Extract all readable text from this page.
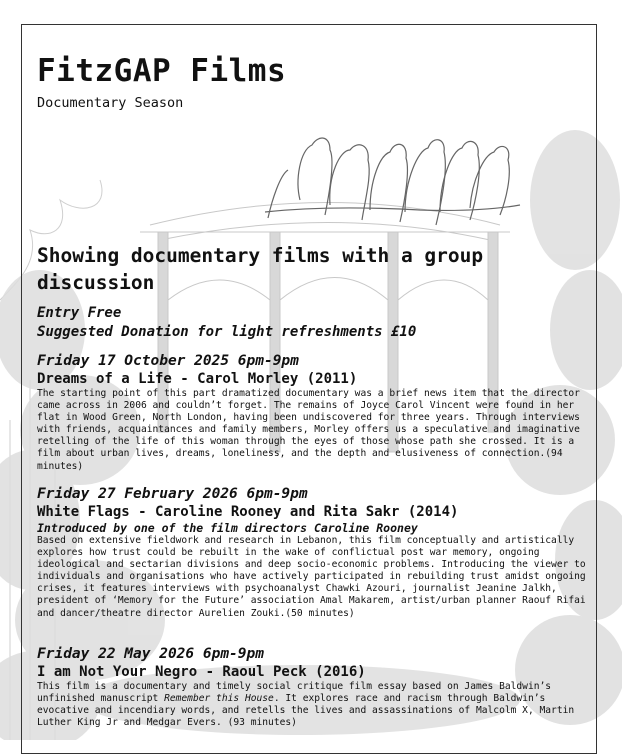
FitzGAP Films
Documentary Season
Showing documentary films with a group discussion
Entry Free
Suggested Donation for light refreshments £10
Friday 17 October 2025 6pm-9pm
Dreams of a Life - Carol Morley (2011)
The starting point of this part dramatized documentary was a brief news item that the director came across in 2006 and couldn’t forget. The remains of Joyce Carol Vincent were found in her flat in Wood Green, North London, having been undiscovered for three years. Through interviews with friends, acquaintances and family members, Morley offers us a speculative and imaginative retelling of the life of this woman through the eyes of those whose path she crossed. It is a film about urban lives, dreams, loneliness, and the depth and elusiveness of connection.(94 minutes)
Friday 27 February 2026 6pm-9pm
White Flags - Caroline Rooney and Rita Sakr (2014)
Introduced by one of the film directors Caroline Rooney
Based on extensive fieldwork and research in Lebanon, this film conceptually and artistically explores how trust could be rebuilt in the wake of conflictual post war memory, ongoing ideological and sectarian divisions and deep socio-economic problems. Introducing the viewer to individuals and organisations who have actively participated in rebuilding trust amidst ongoing crises, it features interviews with psychoanalyst Chawki Azouri, journalist Jeanine Jalkh, president of ‘Memory for the Future’ association Amal Makarem, artist/urban planner Raouf Rifai and dancer/theatre director Aurelien Zouki.(50 minutes)
Friday 22 May 2026 6pm-9pm
I am Not Your Negro - Raoul Peck (2016)
This film is a documentary and timely social critique film essay based on James Baldwin’s unfinished manuscript Remember this House. It explores race and racism through Baldwin’s evocative and incendiary words, and retells the lives and assassinations of Malcolm X, Martin Luther King Jr and Medgar Evers. (93 minutes)
